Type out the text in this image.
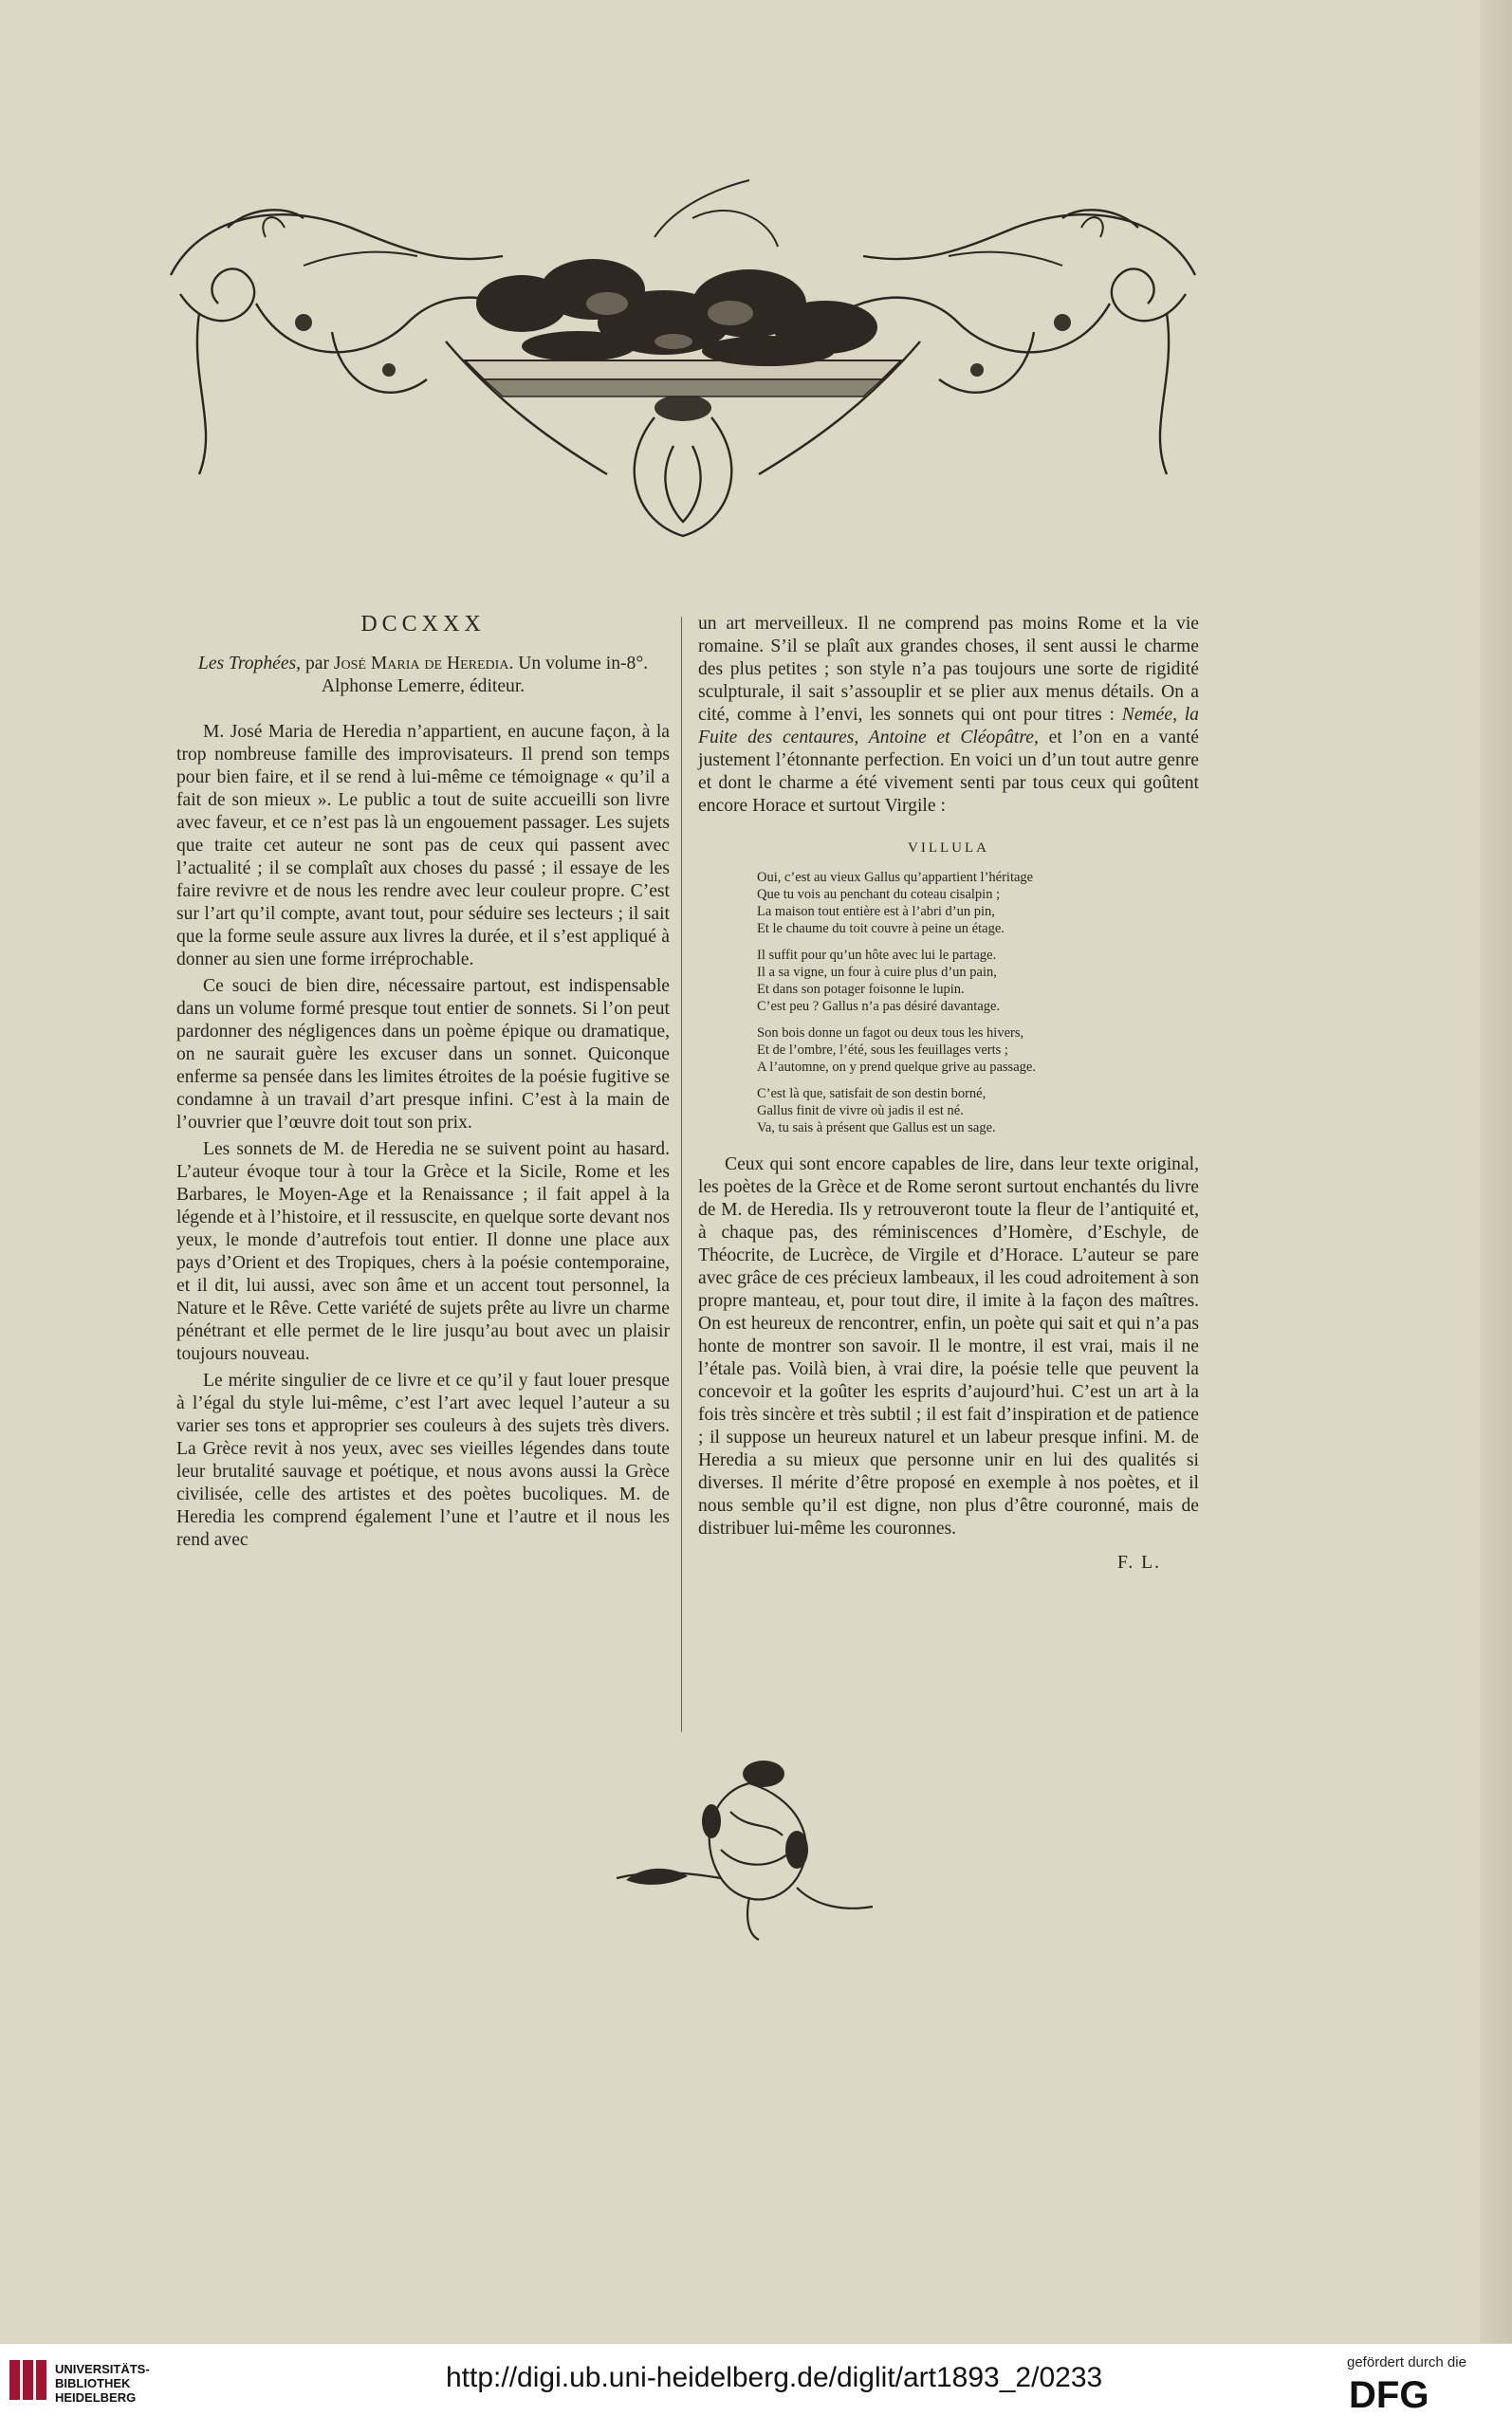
DCCXXX

Les Trophées, par José Maria de Heredia. Un volume in-8°.

Alphonse Lemerre, éditeur.

M. José Maria de Heredia n’appartient, en aucune façon, à la trop nombreuse famille des improvisateurs. Il prend son temps pour bien faire, et il se rend à lui-même ce témoignage « qu’il a fait de son mieux ». Le public a tout de suite accueilli son livre avec faveur, et ce n’est pas là un engouement passager. Les sujets que traite cet auteur ne sont pas de ceux qui passent avec l’actualité ; il se complaît aux choses du passé ; il essaye de les faire revivre et de nous les rendre avec leur couleur propre. C’est sur l’art qu’il compte, avant tout, pour séduire ses lecteurs ; il sait que la forme seule assure aux livres la durée, et il s’est appliqué à donner au sien une forme irréprochable.

Ce souci de bien dire, nécessaire partout, est indispensable dans un volume formé presque tout entier de sonnets. Si l’on peut pardonner des négligences dans un poème épique ou dramatique, on ne saurait guère les excuser dans un sonnet. Quiconque enferme sa pensée dans les limites étroites de la poésie fugitive se condamne à un travail d’art presque infini. C’est à la main de l’ouvrier que l’œuvre doit tout son prix.

Les sonnets de M. de Heredia ne se suivent point au hasard. L’auteur évoque tour à tour la Grèce et la Sicile, Rome et les Barbares, le Moyen-Age et la Renaissance ; il fait appel à la légende et à l’histoire, et il ressuscite, en quelque sorte devant nos yeux, le monde d’autrefois tout entier. Il donne une place aux pays d’Orient et des Tropiques, chers à la poésie contemporaine, et il dit, lui aussi, avec son âme et un accent tout personnel, la Nature et le Rêve. Cette variété de sujets prête au livre un charme pénétrant et elle permet de le lire jusqu’au bout avec un plaisir toujours nouveau.

Le mérite singulier de ce livre et ce qu’il y faut louer presque à l’égal du style lui-même, c’est l’art avec lequel l’auteur a su varier ses tons et approprier ses couleurs à des sujets très divers. La Grèce revit à nos yeux, avec ses vieilles légendes dans toute leur brutalité sauvage et poétique, et nous avons aussi la Grèce civilisée, celle des artistes et des poètes bucoliques. M. de Heredia les comprend également l’une et l’autre et il nous les rend avec

un art merveilleux. Il ne comprend pas moins Rome et la vie romaine. S’il se plaît aux grandes choses, il sent aussi le charme des plus petites ; son style n’a pas toujours une sorte de rigidité sculpturale, il sait s’assouplir et se plier aux menus détails. On a cité, comme à l’envi, les sonnets qui ont pour titres : Nemée, la Fuite des centaures, Antoine et Cléopâtre, et l’on en a vanté justement l’étonnante perfection. En voici un d’un tout autre genre et dont le charme a été vivement senti par tous ceux qui goûtent encore Horace et surtout Virgile :

VILLULA
Oui, c’est au vieux Gallus qu’appartient l’héritage
Que tu vois au penchant du coteau cisalpin ;
La maison tout entière est à l’abri d’un pin,
Et le chaume du toit couvre à peine un étage.
Il suffit pour qu’un hôte avec lui le partage.
Il a sa vigne, un four à cuire plus d’un pain,
Et dans son potager foisonne le lupin.
C’est peu ? Gallus n’a pas désiré davantage.
Son bois donne un fagot ou deux tous les hivers,
Et de l’ombre, l’été, sous les feuillages verts ;
A l’automne, on y prend quelque grive au passage.
C’est là que, satisfait de son destin borné,
Gallus finit de vivre où jadis il est né.
Va, tu sais à présent que Gallus est un sage.

Ceux qui sont encore capables de lire, dans leur texte original, les poètes de la Grèce et de Rome seront surtout enchantés du livre de M. de Heredia. Ils y retrouveront toute la fleur de l’antiquité et, à chaque pas, des réminiscences d’Homère, d’Eschyle, de Théocrite, de Lucrèce, de Virgile et d’Horace. L’auteur se pare avec grâce de ces précieux lambeaux, il les coud adroitement à son propre manteau, et, pour tout dire, il imite à la façon des maîtres. On est heureux de rencontrer, enfin, un poète qui sait et qui n’a pas honte de montrer son savoir. Il le montre, il est vrai, mais il ne l’étale pas. Voilà bien, à vrai dire, la poésie telle que peuvent la concevoir et la goûter les esprits d’aujourd’hui. C’est un art à la fois très sincère et très subtil ; il est fait d’inspiration et de patience ; il suppose un heureux naturel et un labeur presque infini. M. de Heredia a su mieux que personne unir en lui des qualités si diverses. Il mérite d’être proposé en exemple à nos poètes, et il nous semble qu’il est digne, non plus d’être couronné, mais de distribuer lui-même les couronnes.

F. L.

UNIVERSITÄTS-
BIBLIOTHEK
HEIDELBERG
http://digi.ub.uni-heidelberg.de/diglit/art1893_2/0233	gefördert durch die
DFG
